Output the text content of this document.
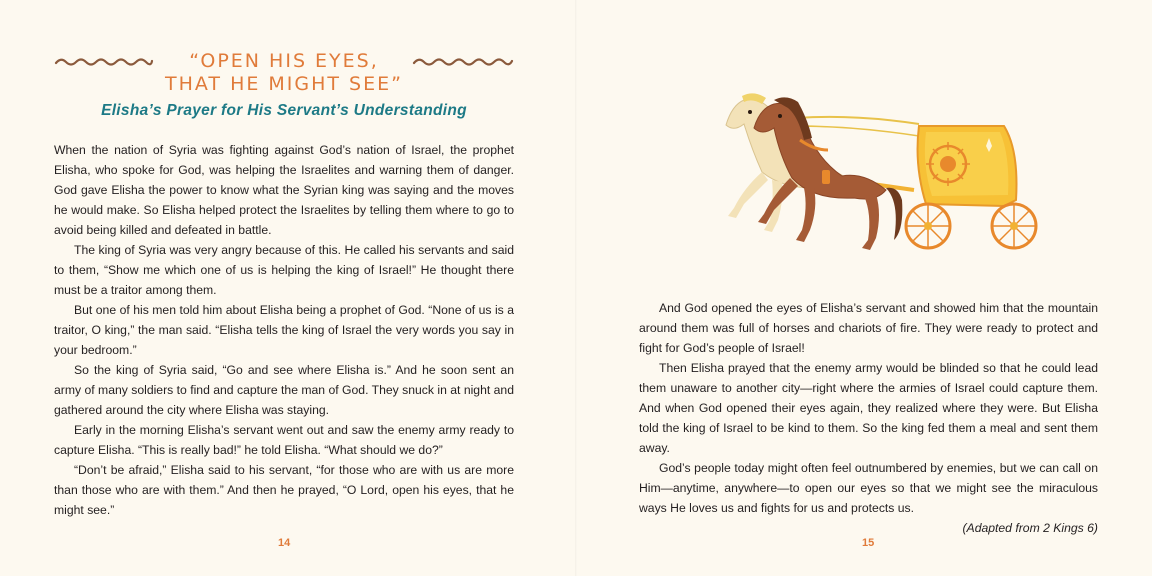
“OPEN HIS EYES,
THAT HE MIGHT SEE”
Elisha’s Prayer for His Servant’s Understanding

When the nation of Syria was fighting against God’s nation of Israel, the prophet Elisha, who spoke for God, was helping the Israelites and warning them of danger. God gave Elisha the power to know what the Syrian king was saying and the moves he would make. So Elisha helped protect the Israelites by telling them where to go to avoid being killed and defeated in battle.

The king of Syria was very angry because of this. He called his servants and said to them, “Show me which one of us is helping the king of Israel!” He thought there must be a traitor among them.

But one of his men told him about Elisha being a prophet of God. “None of us is a traitor, O king,” the man said. “Elisha tells the king of Israel the very words you say in your bedroom.”

So the king of Syria said, “Go and see where Elisha is.” And he soon sent an army of many soldiers to find and capture the man of God. They snuck in at night and gathered around the city where Elisha was staying.

Early in the morning Elisha’s servant went out and saw the enemy army ready to capture Elisha. “This is really bad!” he told Elisha. “What should we do?”

“Don’t be afraid,” Elisha said to his servant, “for those who are with us are more than those who are with them.” And then he prayed, “O Lord, open his eyes, that he might see.”

14

And God opened the eyes of Elisha’s servant and showed him that the mountain around them was full of horses and chariots of fire. They were ready to protect and fight for God’s people of Israel!

Then Elisha prayed that the enemy army would be blinded so that he could lead them unaware to another city—right where the armies of Israel could capture them. And when God opened their eyes again, they realized where they were. But Elisha told the king of Israel to be kind to them. So the king fed them a meal and sent them away.

God’s people today might often feel outnumbered by enemies, but we can call on Him—anytime, anywhere—to open our eyes so that we might see the miraculous ways He loves us and fights for us and protects us.

(Adapted from 2 Kings 6)

15
